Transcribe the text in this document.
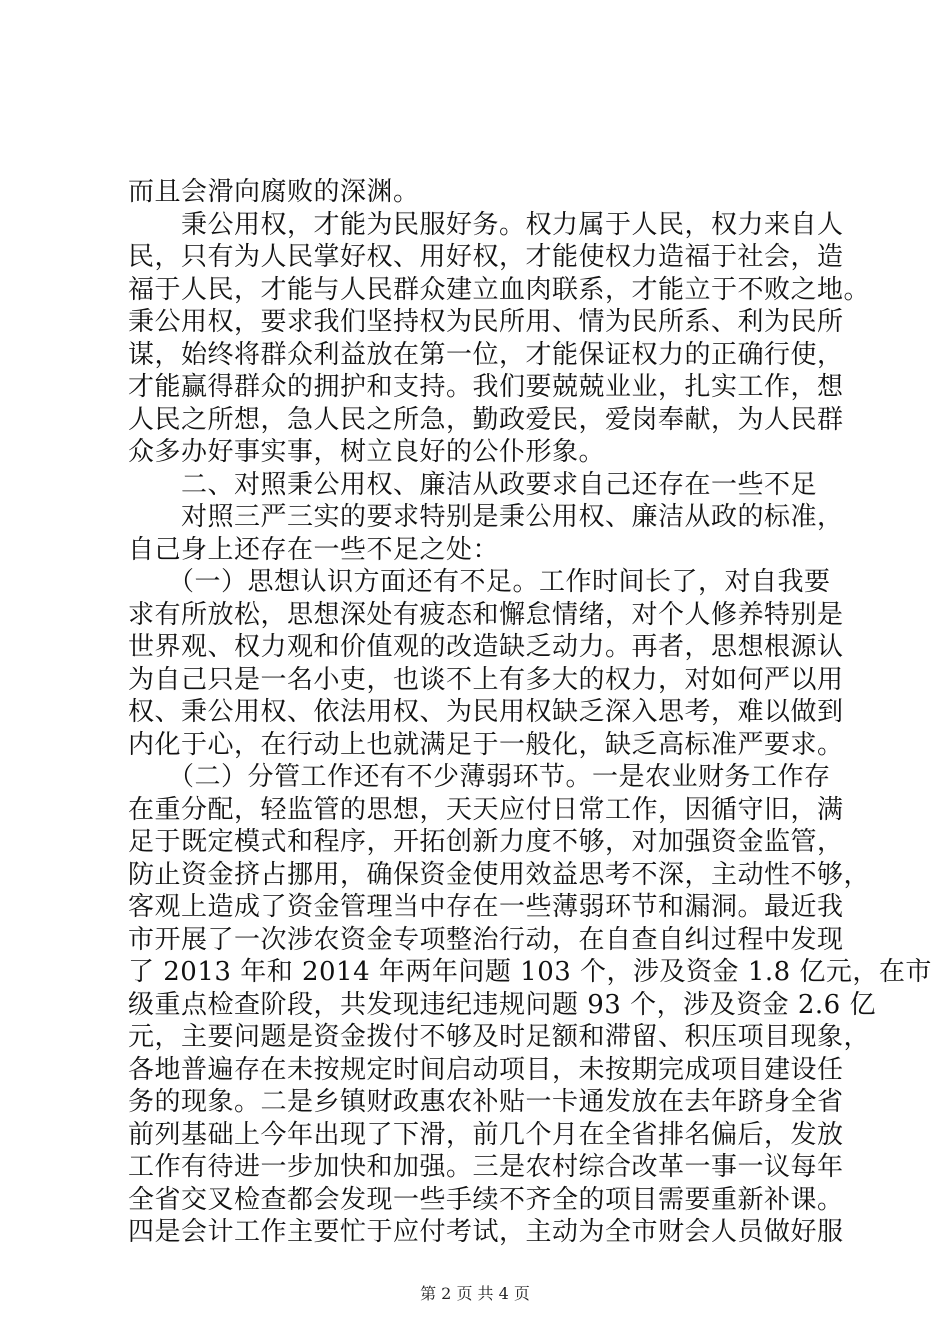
而且会滑向腐败的深渊。
　　秉公用权，才能为民服好务。权力属于人民，权力来自人
民，只有为人民掌好权、用好权，才能使权力造福于社会，造
福于人民，才能与人民群众建立血肉联系，才能立于不败之地。
秉公用权，要求我们坚持权为民所用、情为民所系、利为民所
谋，始终将群众利益放在第一位，才能保证权力的正确行使，
才能赢得群众的拥护和支持。我们要兢兢业业，扎实工作，想
人民之所想，急人民之所急，勤政爱民，爱岗奉献，为人民群
众多办好事实事，树立良好的公仆形象。
　　二、对照秉公用权、廉洁从政要求自己还存在一些不足
　　对照三严三实的要求特别是秉公用权、廉洁从政的标准，
自己身上还存在一些不足之处：
　　（一）思想认识方面还有不足。工作时间长了，对自我要
求有所放松，思想深处有疲态和懈怠情绪，对个人修养特别是
世界观、权力观和价值观的改造缺乏动力。再者，思想根源认
为自己只是一名小吏，也谈不上有多大的权力，对如何严以用
权、秉公用权、依法用权、为民用权缺乏深入思考，难以做到
内化于心，在行动上也就满足于一般化，缺乏高标准严要求。
　　（二）分管工作还有不少薄弱环节。一是农业财务工作存
在重分配，轻监管的思想，天天应付日常工作，因循守旧，满
足于既定模式和程序，开拓创新力度不够，对加强资金监管，
防止资金挤占挪用，确保资金使用效益思考不深，主动性不够，
客观上造成了资金管理当中存在一些薄弱环节和漏洞。最近我
市开展了一次涉农资金专项整治行动，在自查自纠过程中发现
了 2013 年和 2014 年两年问题 103 个，涉及资金 1.8 亿元，在市
级重点检查阶段，共发现违纪违规问题 93 个，涉及资金 2.6 亿
元，主要问题是资金拨付不够及时足额和滞留、积压项目现象，
各地普遍存在未按规定时间启动项目，未按期完成项目建设任
务的现象。二是乡镇财政惠农补贴一卡通发放在去年跻身全省
前列基础上今年出现了下滑，前几个月在全省排名偏后，发放
工作有待进一步加快和加强。三是农村综合改革一事一议每年
全省交叉检查都会发现一些手续不齐全的项目需要重新补课。
四是会计工作主要忙于应付考试，主动为全市财会人员做好服
第 2 页 共 4 页
